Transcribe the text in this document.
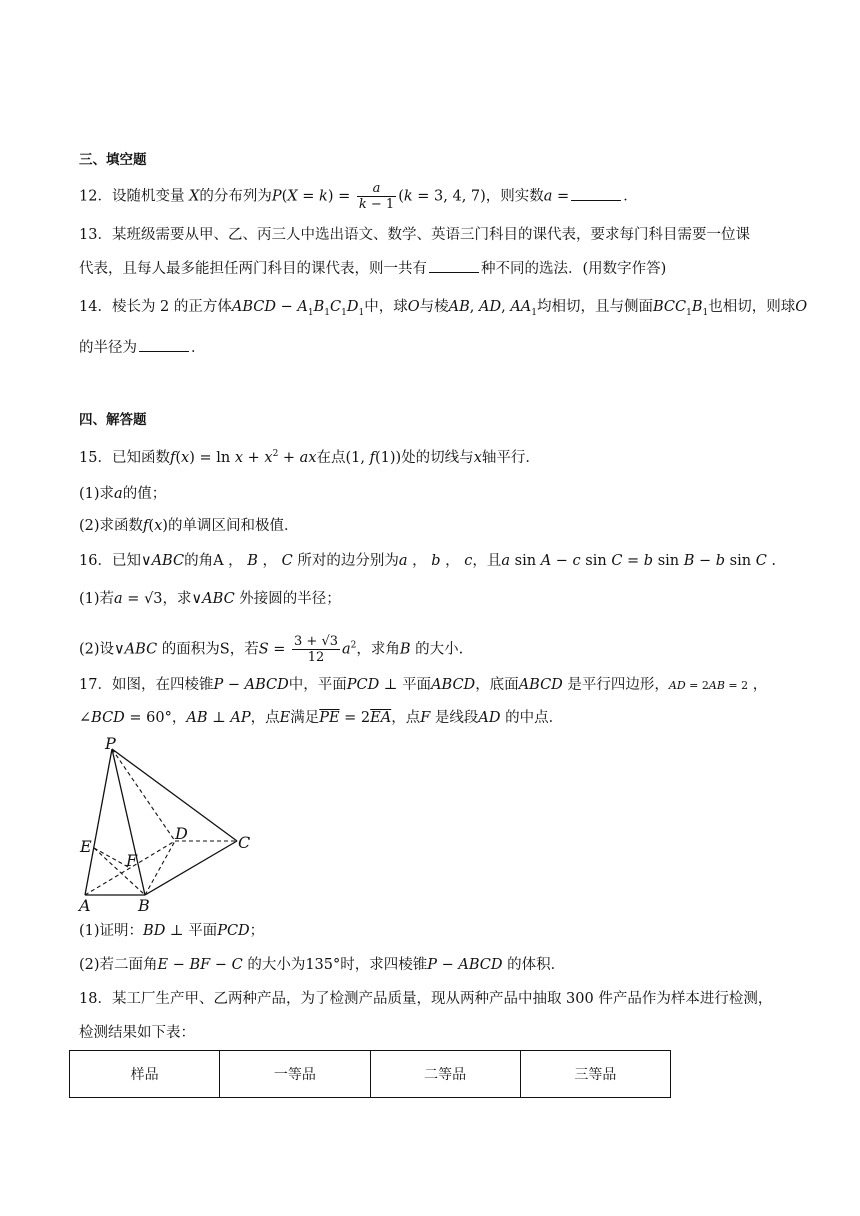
三、填空题
12．设随机变量 X的分布列为$P(X = k) = \frac{a}{k - 1} (k = 3$, 4, 7)，则实数a =	．
13．某班级需要从甲、乙、丙三人中选出语文、数学、英语三门科目的课代表，要求每门科目需要一位课
代表，且每人最多能担任两门科目的课代表，则一共有	种不同的选法．(用数字作答)
14．棱长为 2 的正方体ABCD − $A_1B_1C_1D_1$中，球O与棱AB, AD, $AA_1$均相切，且与侧面$BCC_1B_1$也相切，则球O
的半径为	．
四、解答题
15．已知函数$f(x) = \ln x + x^2$ + ax在点(1, f(1))处的切线与x轴平行．
(1)求a的值；
(2)求函数f(x)的单调区间和极值．
16．已知∨ABC的角A ， B ， C 所对的边分别为a ， b ， c，且a sin A − c sin C = b sin B − b sin C .
(1)若a = √3，求∨ABC 外接圆的半径；
(2)设∨ABC 的面积为S，若$S = \frac{3 + √3}{12} a^2$，求角B 的大小.
17．如图，在四棱锥P − ABCD中，平面PCD ⊥ 平面ABCD，底面ABCD 是平行四边形，AD = 2AB = 2 ，
∠BCD = 60°，AB ⊥ AP，点E满足$\overline{PE} = 2\overline{EA}$，点F 是线段AD 的中点．
P
D	C
E
F
A	B
(1)证明：BD ⊥ 平面PCD；
(2)若二面角E − BF − C 的大小为135°时，求四棱锥P − ABCD 的体积．
18．某工厂生产甲、乙两种产品，为了检测产品质量，现从两种产品中抽取 300 件产品作为样本进行检测，
检测结果如下表：
样品	一等品	二等品	三等品
